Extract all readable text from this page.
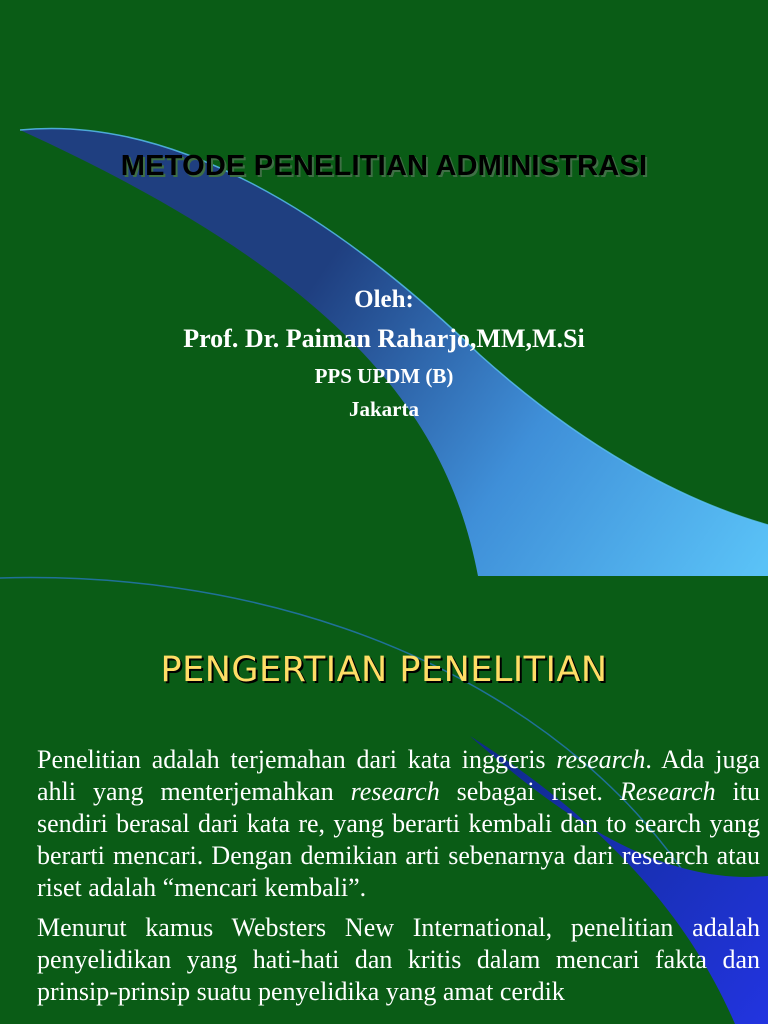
METODE PENELITIAN ADMINISTRASI
Oleh:
Prof. Dr. Paiman Raharjo,MM,M.Si
PPS UPDM (B)
Jakarta
PENGERTIAN PENELITIAN

Penelitian adalah terjemahan dari kata inggeris research. Ada juga ahli yang menterjemahkan research sebagai riset. Research itu sendiri berasal dari kata re, yang berarti kembali dan to search yang berarti mencari. Dengan demikian arti sebenarnya dari research atau riset adalah “mencari kembali”.

Menurut kamus Websters New International, penelitian adalah penyelidikan yang hati-hati dan kritis dalam mencari fakta dan prinsip-prinsip suatu penyelidika yang amat cerdik
